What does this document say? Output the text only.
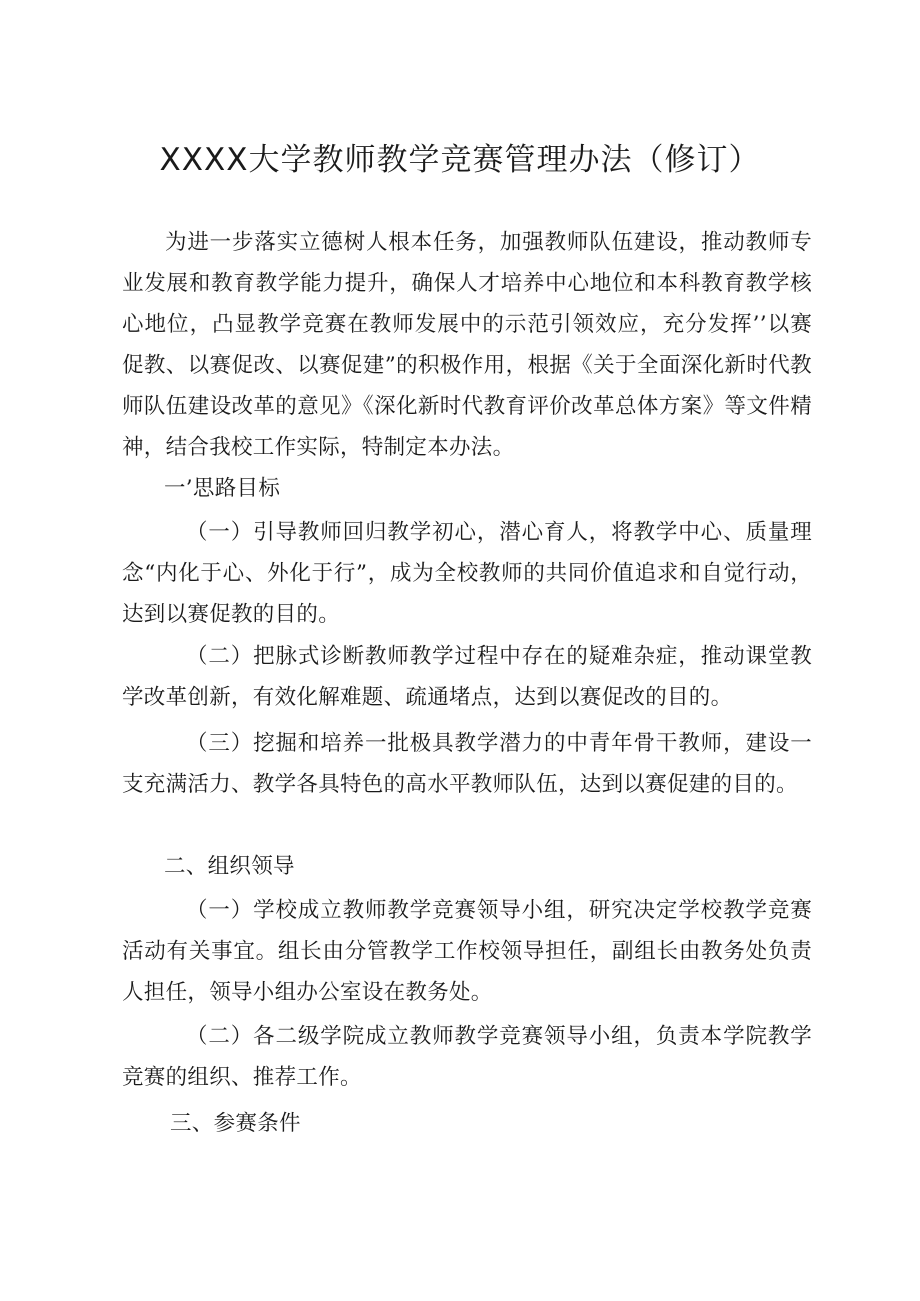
XXXX大学教师教学竞赛管理办法（修订）
为进一步落实立德树人根本任务，加强教师队伍建设，推动教师专业发展和教育教学能力提升，确保人才培养中心地位和本科教育教学核心地位，凸显教学竞赛在教师发展中的示范引领效应，充分发挥’’以赛促教、以赛促改、以赛促建”的积极作用，根据《关于全面深化新时代教师队伍建设改革的意见》《深化新时代教育评价改革总体方案》等文件精神，结合我校工作实际，特制定本办法。
一’思路目标
（一）引导教师回归教学初心，潜心育人，将教学中心、质量理念“内化于心、外化于行”，成为全校教师的共同价值追求和自觉行动，达到以赛促教的目的。
（二）把脉式诊断教师教学过程中存在的疑难杂症，推动课堂教学改革创新，有效化解难题、疏通堵点，达到以赛促改的目的。
（三）挖掘和培养一批极具教学潜力的中青年骨干教师，建设一支充满活力、教学各具特色的高水平教师队伍，达到以赛促建的目的。
二、组织领导
（一）学校成立教师教学竞赛领导小组，研究决定学校教学竞赛活动有关事宜。组长由分管教学工作校领导担任，副组长由教务处负责人担任，领导小组办公室设在教务处。
（二）各二级学院成立教师教学竞赛领导小组，负责本学院教学竞赛的组织、推荐工作。
三、参赛条件
